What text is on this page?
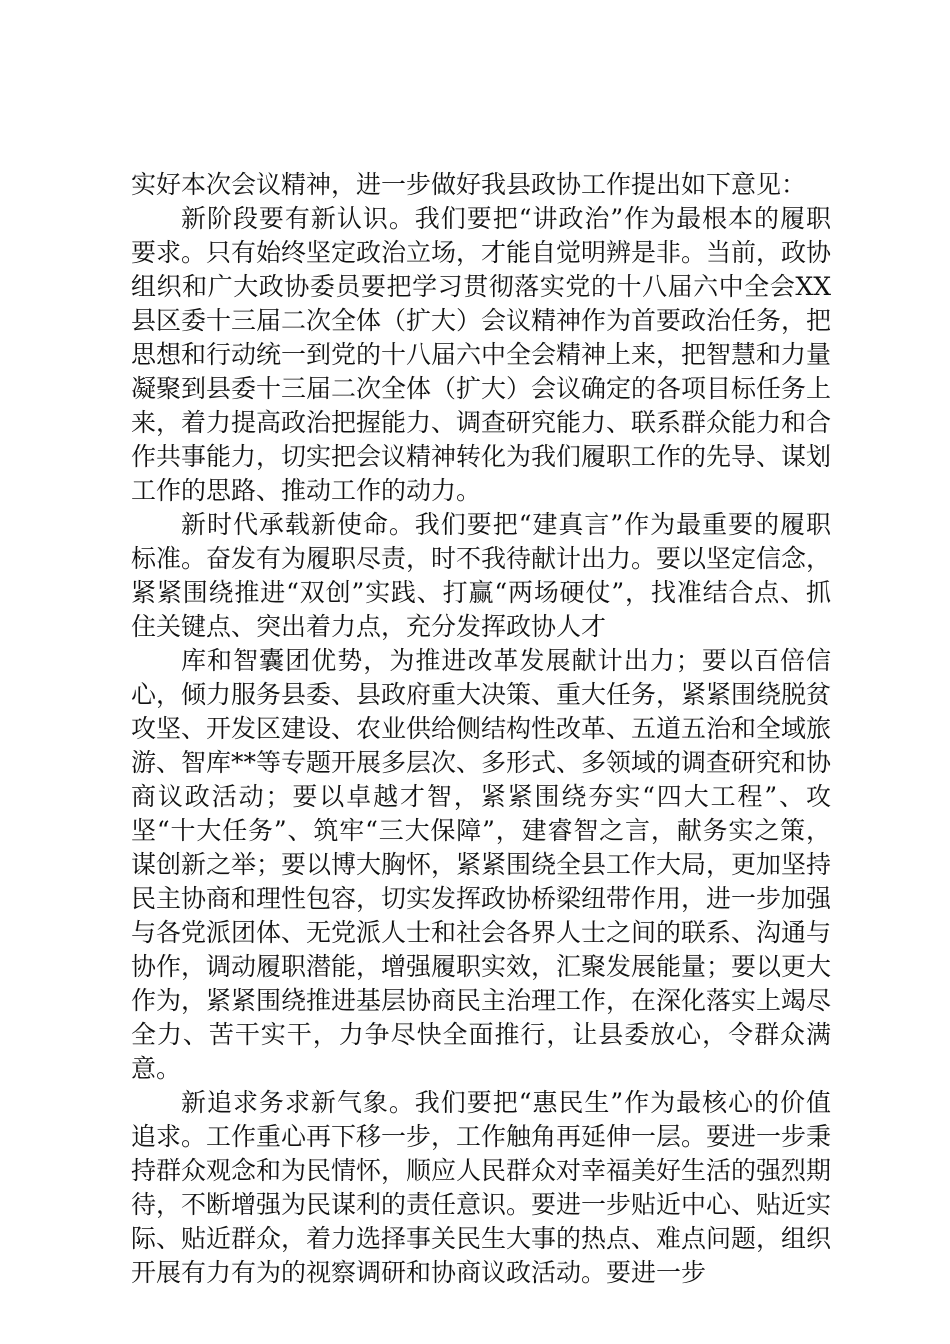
实好本次会议精神，进一步做好我县政协工作提出如下意见：

新阶段要有新认识。我们要把“讲政治”作为最根本的履职要求。只有始终坚定政治立场，才能自觉明辨是非。当前，政协组织和广大政协委员要把学习贯彻落实党的十八届六中全会XX县区委十三届二次全体（扩大）会议精神作为首要政治任务，把思想和行动统一到党的十八届六中全会精神上来，把智慧和力量凝聚到县委十三届二次全体（扩大）会议确定的各项目标任务上来，着力提高政治把握能力、调查研究能力、联系群众能力和合作共事能力，切实把会议精神转化为我们履职工作的先导、谋划工作的思路、推动工作的动力。

新时代承载新使命。我们要把“建真言”作为最重要的履职标准。奋发有为履职尽责，时不我待献计出力。要以坚定信念，紧紧围绕推进“双创”实践、打赢“两场硬仗”，找准结合点、抓住关键点、突出着力点，充分发挥政协人才

库和智囊团优势，为推进改革发展献计出力；要以百倍信心，倾力服务县委、县政府重大决策、重大任务，紧紧围绕脱贫攻坚、开发区建设、农业供给侧结构性改革、五道五治和全域旅游、智库**等专题开展多层次、多形式、多领域的调查研究和协商议政活动；要以卓越才智，紧紧围绕夯实“四大工程”、攻坚“十大任务”、筑牢“三大保障”，建睿智之言，献务实之策，谋创新之举；要以博大胸怀，紧紧围绕全县工作大局，更加坚持民主协商和理性包容，切实发挥政协桥梁纽带作用，进一步加强与各党派团体、无党派人士和社会各界人士之间的联系、沟通与协作，调动履职潜能，增强履职实效，汇聚发展能量；要以更大作为，紧紧围绕推进基层协商民主治理工作，在深化落实上竭尽全力、苦干实干，力争尽快全面推行，让县委放心，令群众满意。

新追求务求新气象。我们要把“惠民生”作为最核心的价值追求。工作重心再下移一步，工作触角再延伸一层。要进一步秉持群众观念和为民情怀，顺应人民群众对幸福美好生活的强烈期待，不断增强为民谋利的责任意识。要进一步贴近中心、贴近实际、贴近群众，着力选择事关民生大事的热点、难点问题，组织开展有力有为的视察调研和协商议政活动。要进一步
